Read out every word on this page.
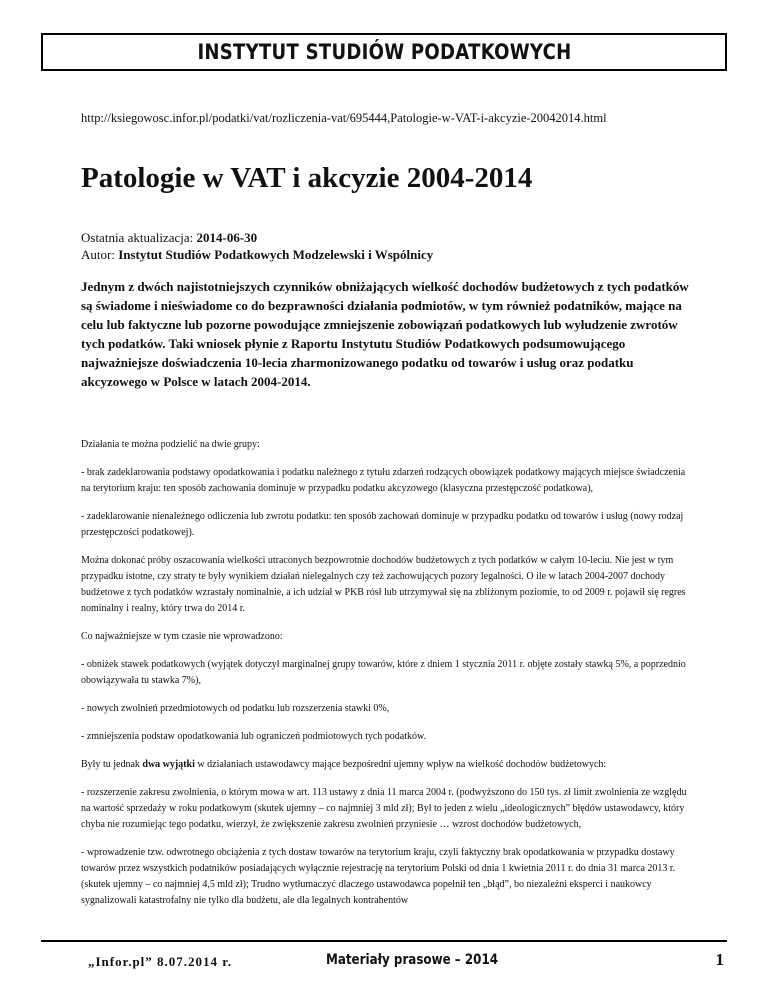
INSTYTUT STUDIÓW PODATKOWYCH
http://ksiegowosc.infor.pl/podatki/vat/rozliczenia-vat/695444,Patologie-w-VAT-i-akcyzie-20042014.html
Patologie w VAT i akcyzie 2004-2014
Ostatnia aktualizacja: 2014-06-30
Autor: Instytut Studiów Podatkowych Modzelewski i Wspólnicy

Jednym z dwóch najistotniejszych czynników obniżających wielkość dochodów budżetowych z tych podatków są świadome i nieświadome co do bezprawności działania podmiotów, w tym również podatników, mające na celu lub faktyczne lub pozorne powodujące zmniejszenie zobowiązań podatkowych lub wyłudzenie zwrotów tych podatków. Taki wniosek płynie z Raportu Instytutu Studiów Podatkowych podsumowującego najważniejsze doświadczenia 10-lecia zharmonizowanego podatku od towarów i usług oraz podatku akcyzowego w Polsce w latach 2004-2014.

Działania te można podzielić na dwie grupy:

- brak zadeklarowania podstawy opodatkowania i podatku należnego z tytułu zdarzeń rodzących obowiązek podatkowy mających miejsce świadczenia na terytorium kraju: ten sposób zachowania dominuje w przypadku podatku akcyzowego (klasyczna przestępczość podatkowa),

- zadeklarowanie nienależnego odliczenia lub zwrotu podatku: ten sposób zachowań dominuje w przypadku podatku od towarów i usług (nowy rodzaj przestępczości podatkowej).

Można dokonać próby oszacowania wielkości utraconych bezpowrotnie dochodów budżetowych z tych podatków w całym 10-leciu. Nie jest w tym przypadku istotne, czy straty te były wynikiem działań nielegalnych czy też zachowujących pozory legalności. O ile w latach 2004-2007 dochody budżetowe z tych podatków wzrastały nominalnie, a ich udział w PKB rósł lub utrzymywał się na zbliżonym poziomie, to od 2009 r. pojawił się regres nominalny i realny, który trwa do 2014 r.

Co najważniejsze w tym czasie nie wprowadzono:

- obniżek stawek podatkowych (wyjątek dotyczył marginalnej grupy towarów, które z dniem 1 stycznia 2011 r. objęte zostały stawką 5%, a poprzednio obowiązywała tu stawka 7%),

- nowych zwolnień przedmiotowych od podatku lub rozszerzenia stawki 0%,

- zmniejszenia podstaw opodatkowania lub ograniczeń podmiotowych tych podatków.

Były tu jednak dwa wyjątki w działaniach ustawodawcy mające bezpośredni ujemny wpływ na wielkość dochodów budżetowych:

- rozszerzenie zakresu zwolnienia, o którym mowa w art. 113 ustawy z dnia 11 marca 2004 r. (podwyższono do 150 tys. zł limit zwolnienia ze względu na wartość sprzedaży w roku podatkowym (skutek ujemny – co najmniej 3 mld zł); Był to jeden z wielu „ideologicznych” błędów ustawodawcy, który chyba nie rozumiejąc tego podatku, wierzył, że zwiększenie zakresu zwolnień przyniesie … wzrost dochodów budżetowych,

- wprowadzenie tzw. odwrotnego obciążenia z tych dostaw towarów na terytorium kraju, czyli faktyczny brak opodatkowania w przypadku dostawy towarów przez wszystkich podatników posiadających wyłącznie rejestrację na terytorium Polski od dnia 1 kwietnia 2011 r. do dnia 31 marca 2013 r. (skutek ujemny – co najmniej 4,5 mld zł); Trudno wytłumaczyć dlaczego ustawodawca popełnił ten „błąd”, bo niezależni eksperci i naukowcy sygnalizowali katastrofalny nie tylko dla budżetu, ale dla legalnych kontrahentów

„Infor.pl” 8.07.2014 r.	Materiały prasowe – 2014	1
